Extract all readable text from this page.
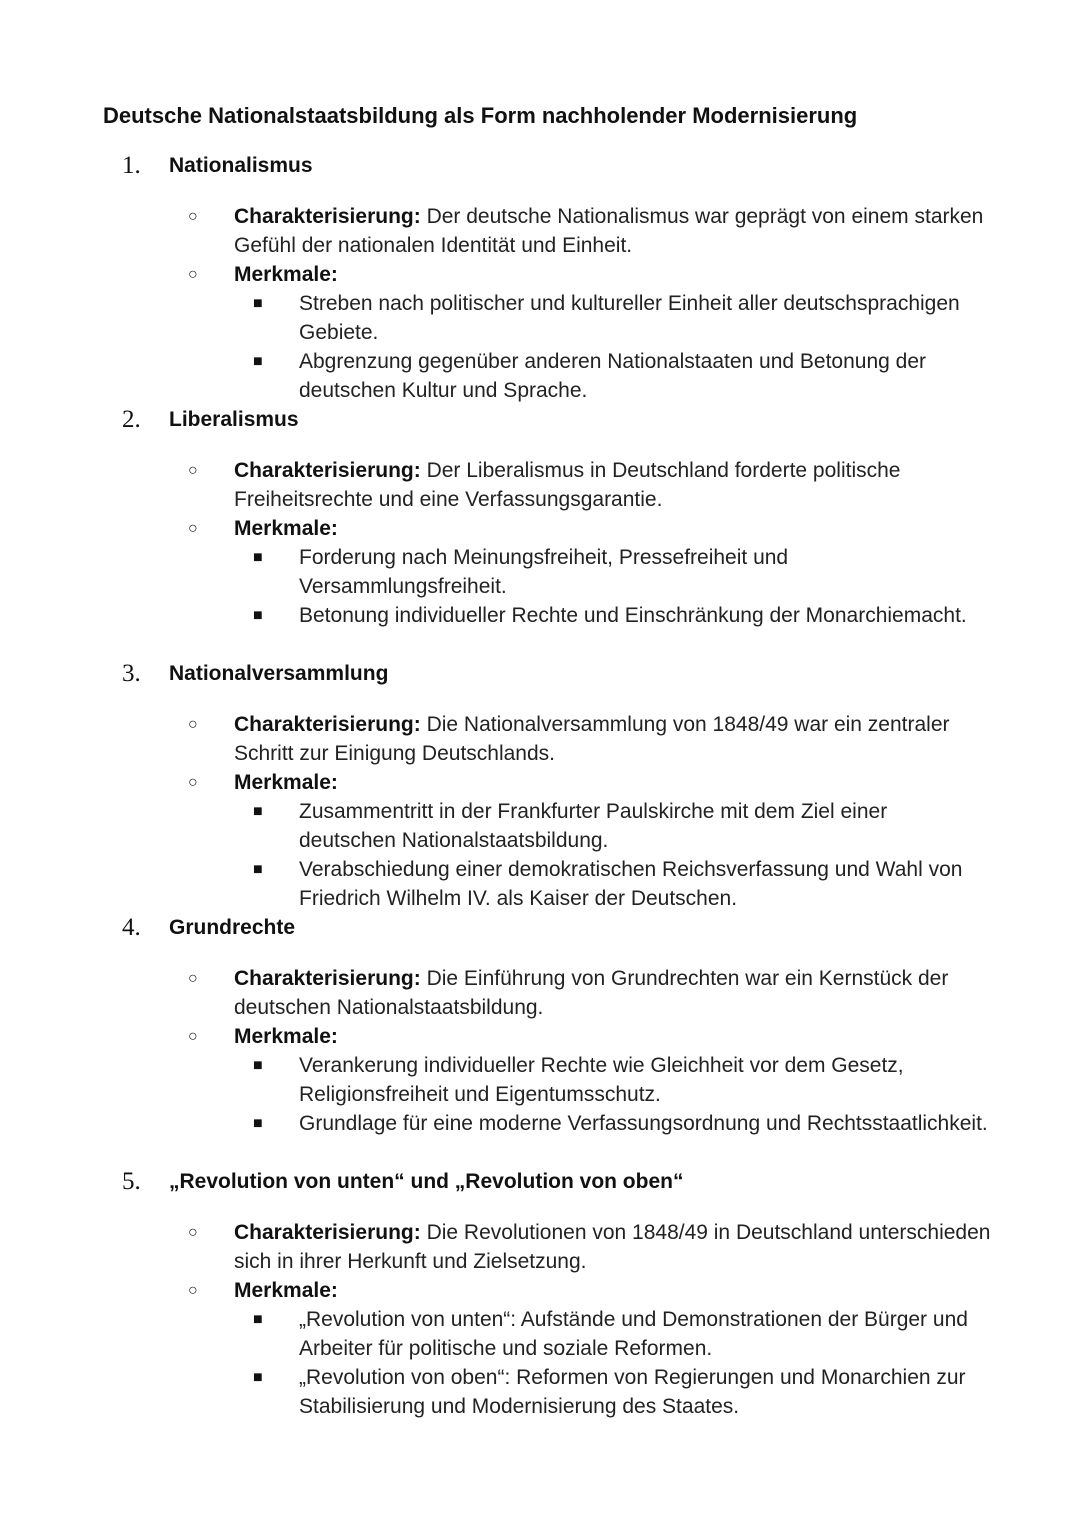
Deutsche Nationalstaatsbildung als Form nachholender Modernisierung
1. Nationalismus
○ Charakterisierung: Der deutsche Nationalismus war geprägt von einem starken Gefühl der nationalen Identität und Einheit.
○ Merkmale:
■ Streben nach politischer und kultureller Einheit aller deutschsprachigen Gebiete.
■ Abgrenzung gegenüber anderen Nationalstaaten und Betonung der deutschen Kultur und Sprache.
2. Liberalismus
○ Charakterisierung: Der Liberalismus in Deutschland forderte politische Freiheitsrechte und eine Verfassungsgarantie.
○ Merkmale:
■ Forderung nach Meinungsfreiheit, Pressefreiheit und Versammlungsfreiheit.
■ Betonung individueller Rechte und Einschränkung der Monarchiemacht.
3. Nationalversammlung
○ Charakterisierung: Die Nationalversammlung von 1848/49 war ein zentraler Schritt zur Einigung Deutschlands.
○ Merkmale:
■ Zusammentritt in der Frankfurter Paulskirche mit dem Ziel einer deutschen Nationalstaatsbildung.
■ Verabschiedung einer demokratischen Reichsverfassung und Wahl von Friedrich Wilhelm IV. als Kaiser der Deutschen.
4. Grundrechte
○ Charakterisierung: Die Einführung von Grundrechten war ein Kernstück der deutschen Nationalstaatsbildung.
○ Merkmale:
■ Verankerung individueller Rechte wie Gleichheit vor dem Gesetz, Religionsfreiheit und Eigentumsschutz.
■ Grundlage für eine moderne Verfassungsordnung und Rechtsstaatlichkeit.
5. „Revolution von unten“ und „Revolution von oben“
○ Charakterisierung: Die Revolutionen von 1848/49 in Deutschland unterschieden sich in ihrer Herkunft und Zielsetzung.
○ Merkmale:
■ „Revolution von unten“: Aufstände und Demonstrationen der Bürger und Arbeiter für politische und soziale Reformen.
■ „Revolution von oben“: Reformen von Regierungen und Monarchien zur Stabilisierung und Modernisierung des Staates.
